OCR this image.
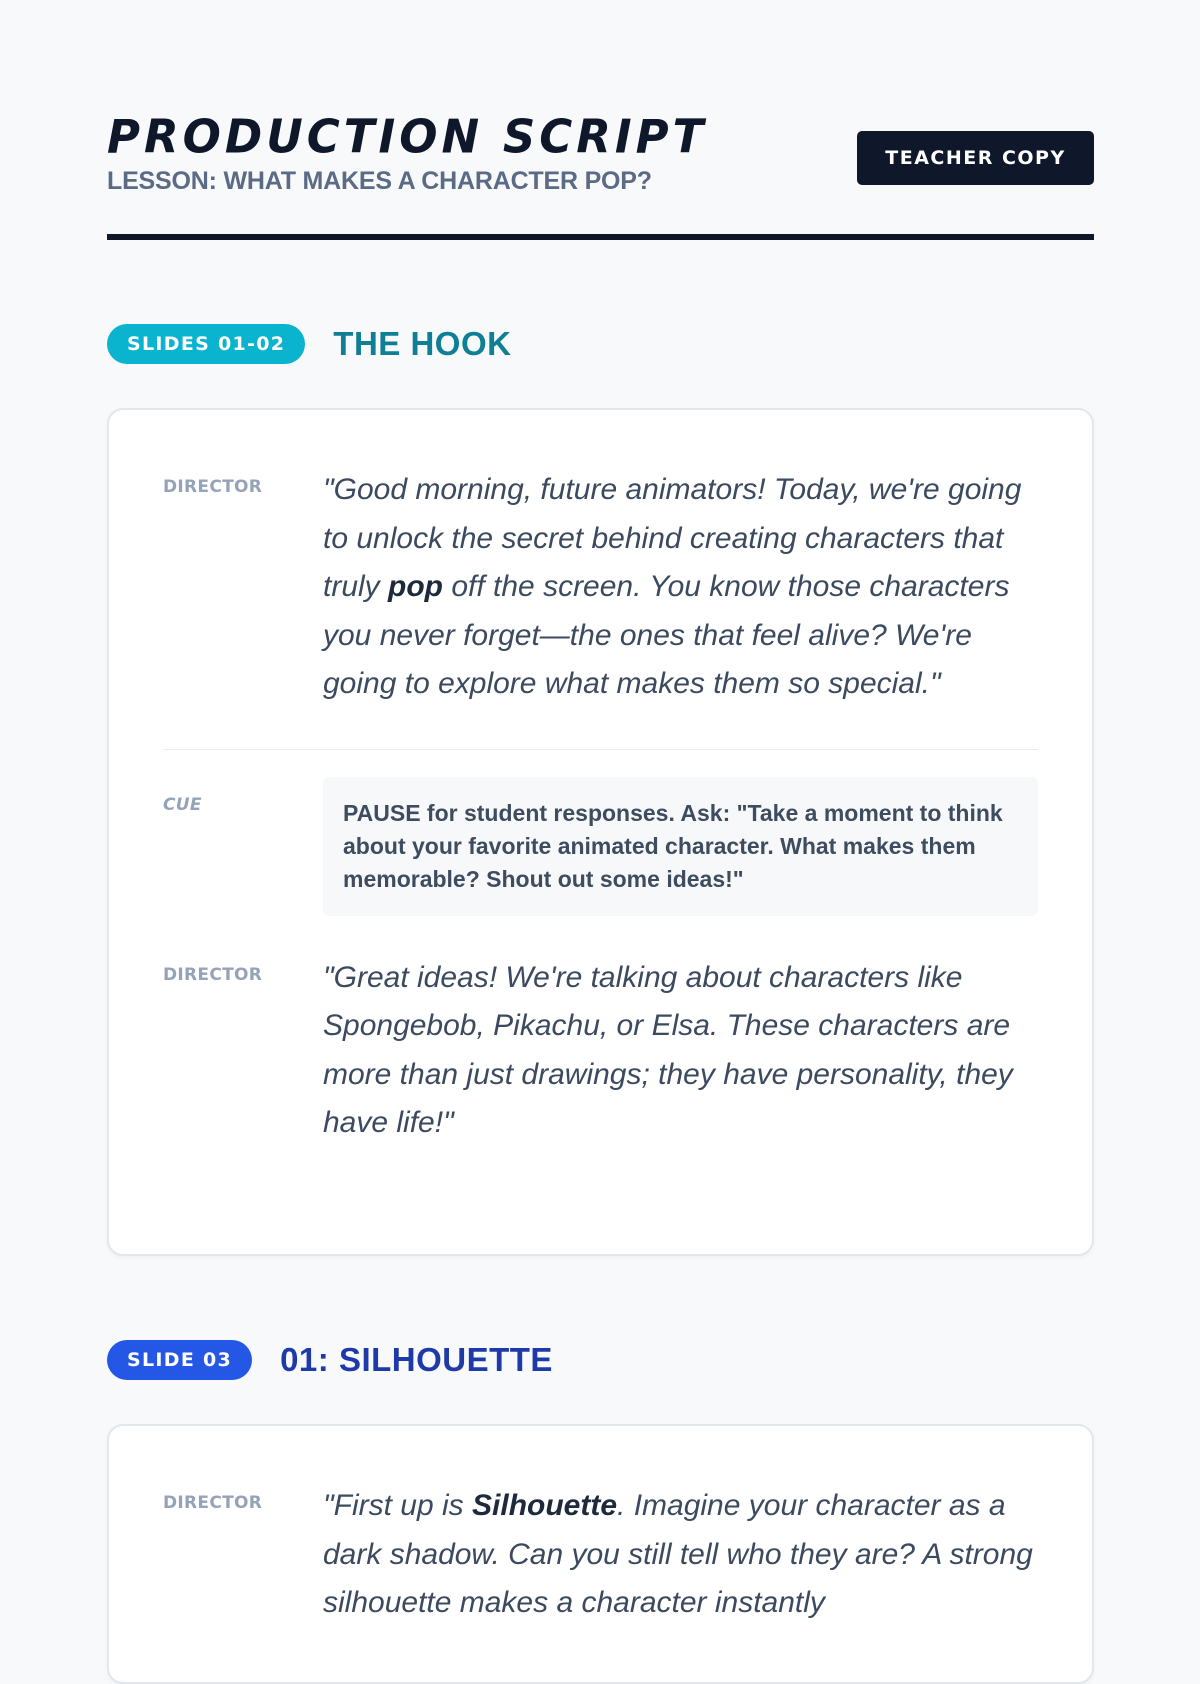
PRODUCTION SCRIPT
LESSON: WHAT MAKES A CHARACTER POP?
TEACHER COPY
SLIDES 01-02	THE HOOK
DIRECTOR	"Good morning, future animators! Today, we're going to unlock the secret behind creating characters that truly pop off the screen. You know those characters you never forget—the ones that feel alive? We're going to explore what makes them so special."
CUE	PAUSE for student responses. Ask: "Take a moment to think about your favorite animated character. What makes them memorable? Shout out some ideas!"
DIRECTOR	"Great ideas! We're talking about characters like Spongebob, Pikachu, or Elsa. These characters are more than just drawings; they have personality, they have life!"
SLIDE 03	01: SILHOUETTE
DIRECTOR	"First up is Silhouette. Imagine your character as a dark shadow. Can you still tell who they are? A strong silhouette makes a character instantly
